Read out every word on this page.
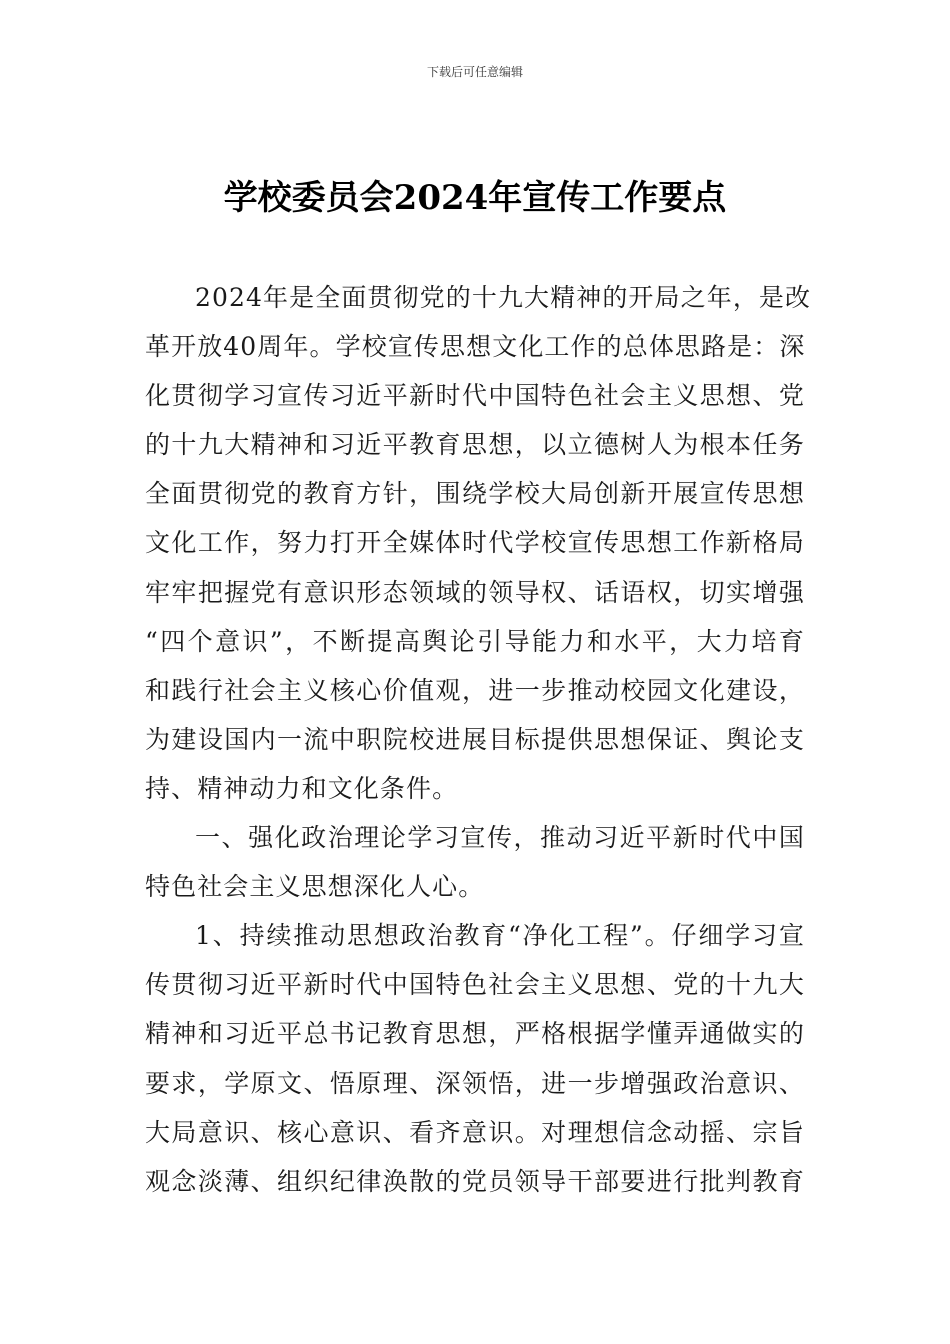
下载后可任意编辑
学校委员会2024年宣传工作要点
2024年是全面贯彻党的十九大精神的开局之年，是改
革开放40周年。学校宣传思想文化工作的总体思路是：深
化贯彻学习宣传习近平新时代中国特色社会主义思想、党
的十九大精神和习近平教育思想，以立德树人为根本任务
全面贯彻党的教育方针，围绕学校大局创新开展宣传思想
文化工作，努力打开全媒体时代学校宣传思想工作新格局
牢牢把握党有意识形态领域的领导权、话语权，切实增强
“四个意识”，不断提高舆论引导能力和水平，大力培育
和践行社会主义核心价值观，进一步推动校园文化建设，
为建设国内一流中职院校进展目标提供思想保证、舆论支
持、精神动力和文化条件。
一、强化政治理论学习宣传，推动习近平新时代中国
特色社会主义思想深化人心。
1、持续推动思想政治教育“净化工程”。仔细学习宣
传贯彻习近平新时代中国特色社会主义思想、党的十九大
精神和习近平总书记教育思想，严格根据学懂弄通做实的
要求，学原文、悟原理、深领悟，进一步增强政治意识、
大局意识、核心意识、看齐意识。对理想信念动摇、宗旨
观念淡薄、组织纪律涣散的党员领导干部要进行批判教育
